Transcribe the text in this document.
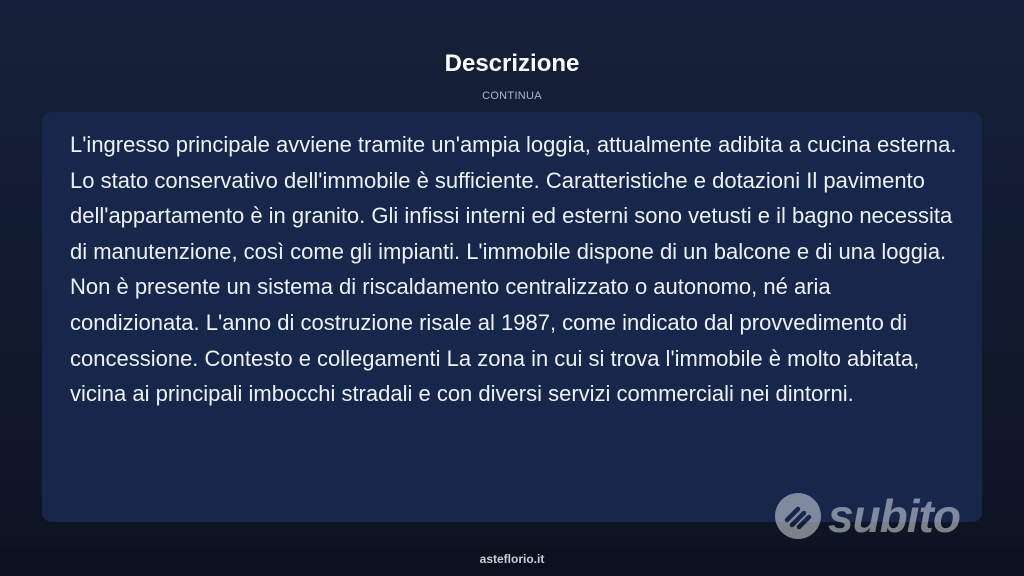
Descrizione
CONTINUA

L'ingresso principale avviene tramite un'ampia loggia, attualmente adibita a cucina esterna. Lo stato conservativo dell'immobile è sufficiente. Caratteristiche e dotazioni Il pavimento dell'appartamento è in granito. Gli infissi interni ed esterni sono vetusti e il bagno necessita di manutenzione, così come gli impianti. L'immobile dispone di un balcone e di una loggia. Non è presente un sistema di riscaldamento centralizzato o autonomo, né aria condizionata. L'anno di costruzione risale al 1987, come indicato dal provvedimento di concessione. Contesto e collegamenti La zona in cui si trova l'immobile è molto abitata, vicina ai principali imbocchi stradali e con diversi servizi commerciali nei dintorni.

subito
asteflorio.it
